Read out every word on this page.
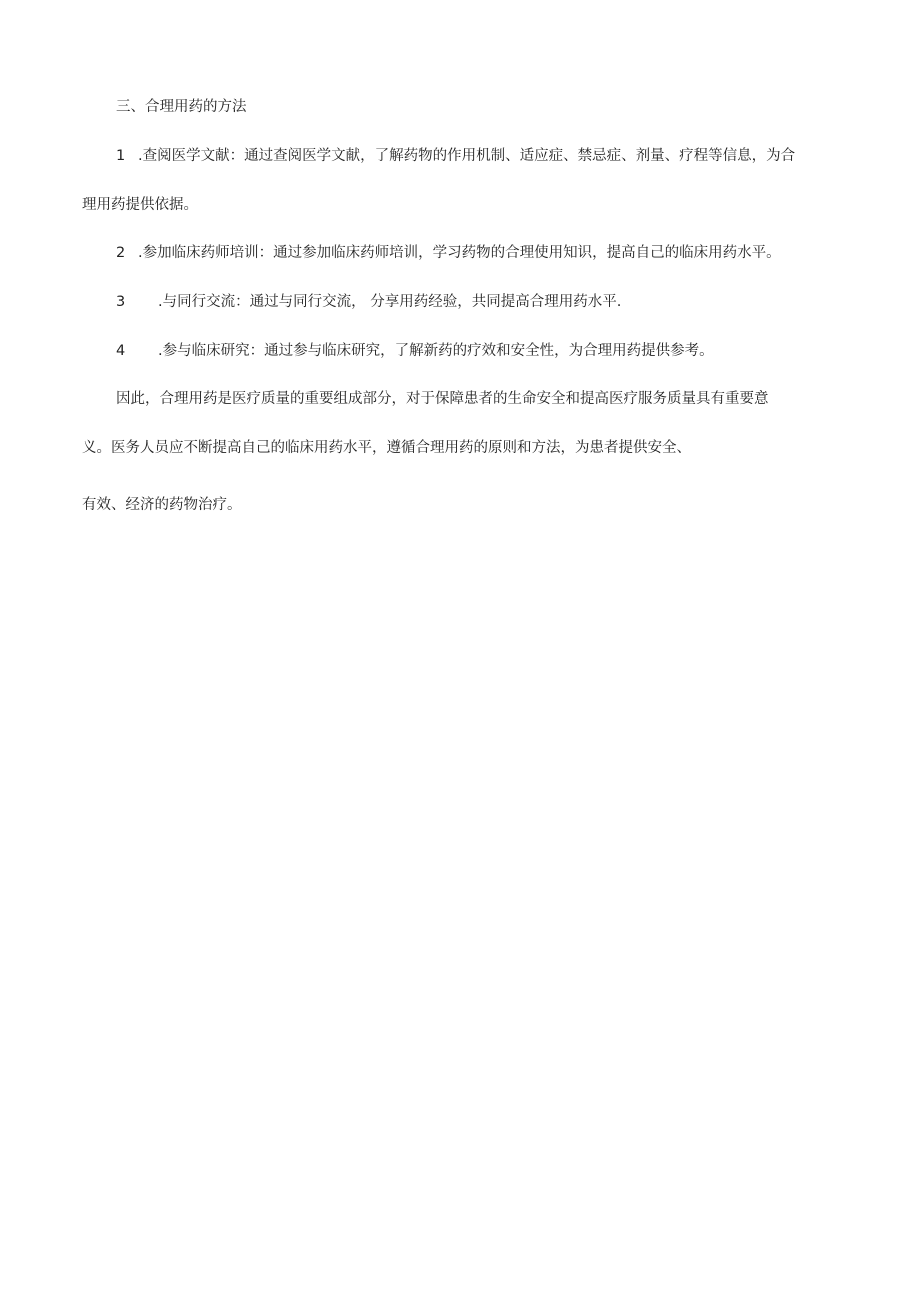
三、合理用药的方法

1 .查阅医学文献：通过查阅医学文献，了解药物的作用机制、适应症、禁忌症、剂量、疗程等信息，为合

理用药提供依据。

2 .参加临床药师培训：通过参加临床药师培训，学习药物的合理使用知识，提高自己的临床用药水平。

3 .与同行交流：通过与同行交流， 分享用药经验，共同提高合理用药水平.

4 .参与临床研究：通过参与临床研究，了解新药的疗效和安全性，为合理用药提供参考。

因此，合理用药是医疗质量的重要组成部分，对于保障患者的生命安全和提高医疗服务质量具有重要意

义。医务人员应不断提高自己的临床用药水平，遵循合理用药的原则和方法，为患者提供安全、

有效、经济的药物治疗。
